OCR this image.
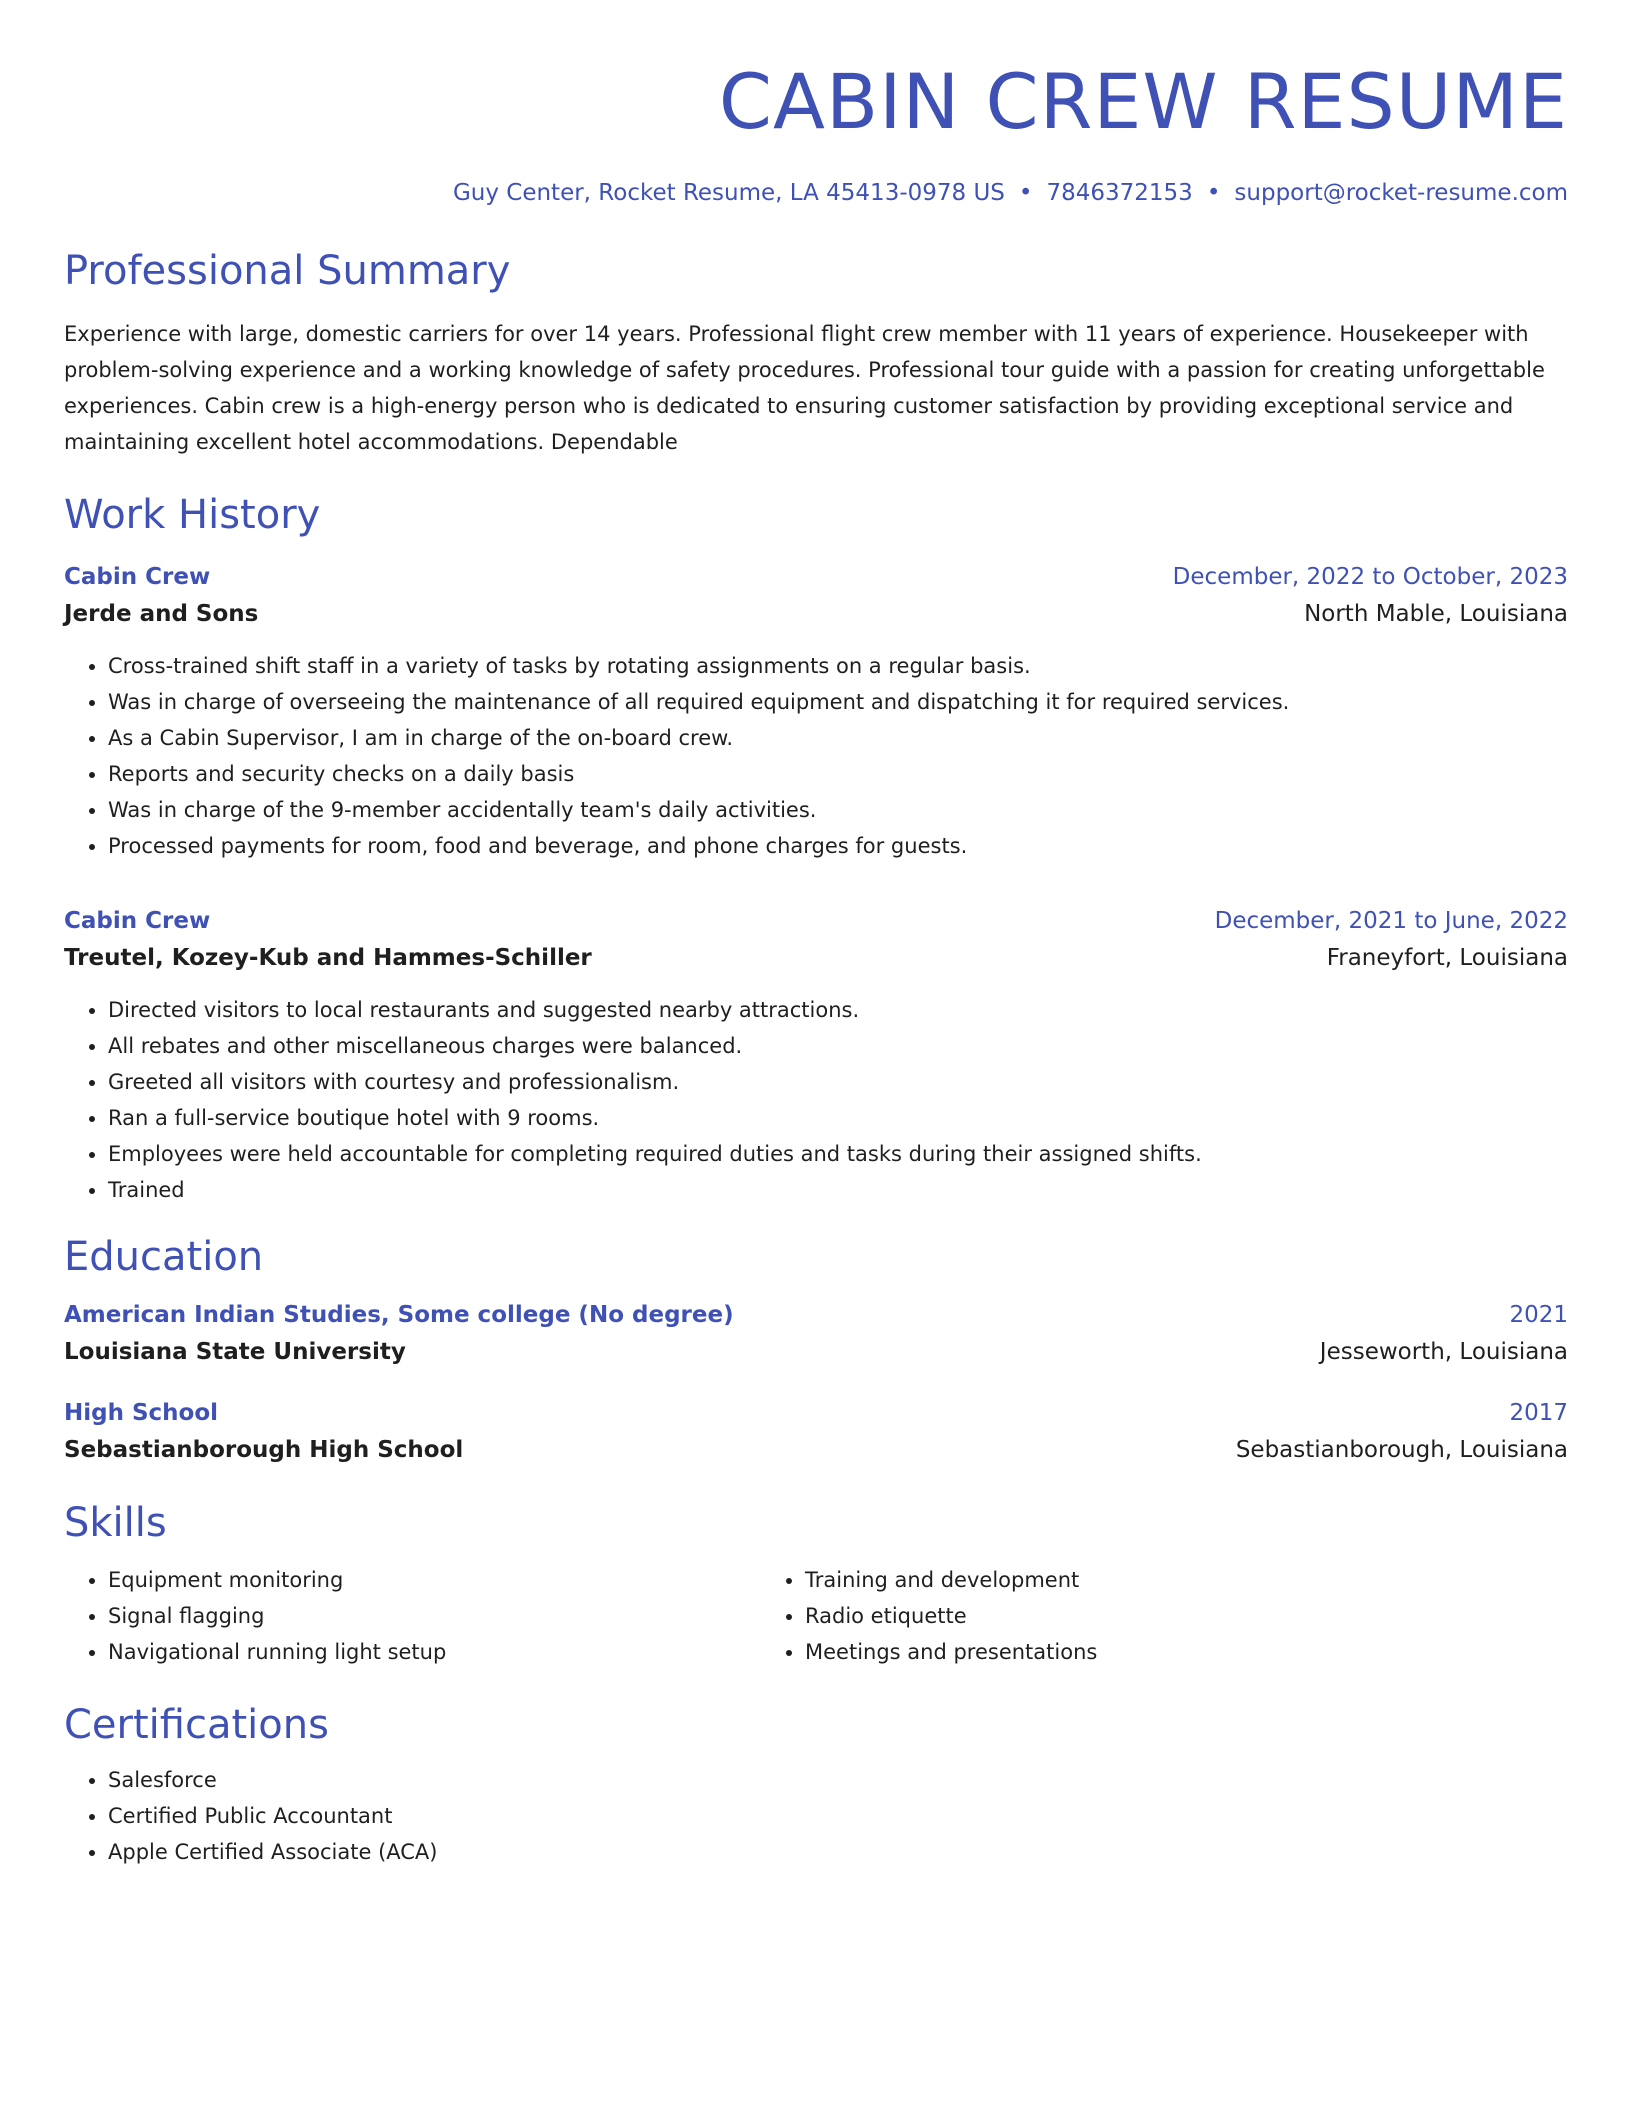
CABIN CREW RESUME
Guy Center, Rocket Resume, LA 45413-0978 US • 7846372153 • support@rocket-resume.com
Professional Summary

Experience with large, domestic carriers for over 14 years. Professional flight crew member with 11 years of experience. Housekeeper with problem-solving experience and a working knowledge of safety procedures. Professional tour guide with a passion for creating unforgettable experiences. Cabin crew is a high-energy person who is dedicated to ensuring customer satisfaction by providing exceptional service and maintaining excellent hotel accommodations. Dependable

Work History
Cabin Crew	December, 2022 to October, 2023
Jerde and Sons	North Mable, Louisiana
• Cross-trained shift staff in a variety of tasks by rotating assignments on a regular basis.
• Was in charge of overseeing the maintenance of all required equipment and dispatching it for required services.
• As a Cabin Supervisor, I am in charge of the on-board crew.
• Reports and security checks on a daily basis
• Was in charge of the 9-member accidentally team's daily activities.
• Processed payments for room, food and beverage, and phone charges for guests.
Cabin Crew	December, 2021 to June, 2022
Treutel, Kozey-Kub and Hammes-Schiller	Franeyfort, Louisiana
• Directed visitors to local restaurants and suggested nearby attractions.
• All rebates and other miscellaneous charges were balanced.
• Greeted all visitors with courtesy and professionalism.
• Ran a full-service boutique hotel with 9 rooms.
• Employees were held accountable for completing required duties and tasks during their assigned shifts.
• Trained
Education
American Indian Studies, Some college (No degree)	2021
Louisiana State University	Jesseworth, Louisiana
High School	2017
Sebastianborough High School	Sebastianborough, Louisiana
Skills
• Equipment monitoring
• Signal flagging
• Navigational running light setup
• Training and development
• Radio etiquette
• Meetings and presentations
Certifications
• Salesforce
• Certified Public Accountant
• Apple Certified Associate (ACA)
